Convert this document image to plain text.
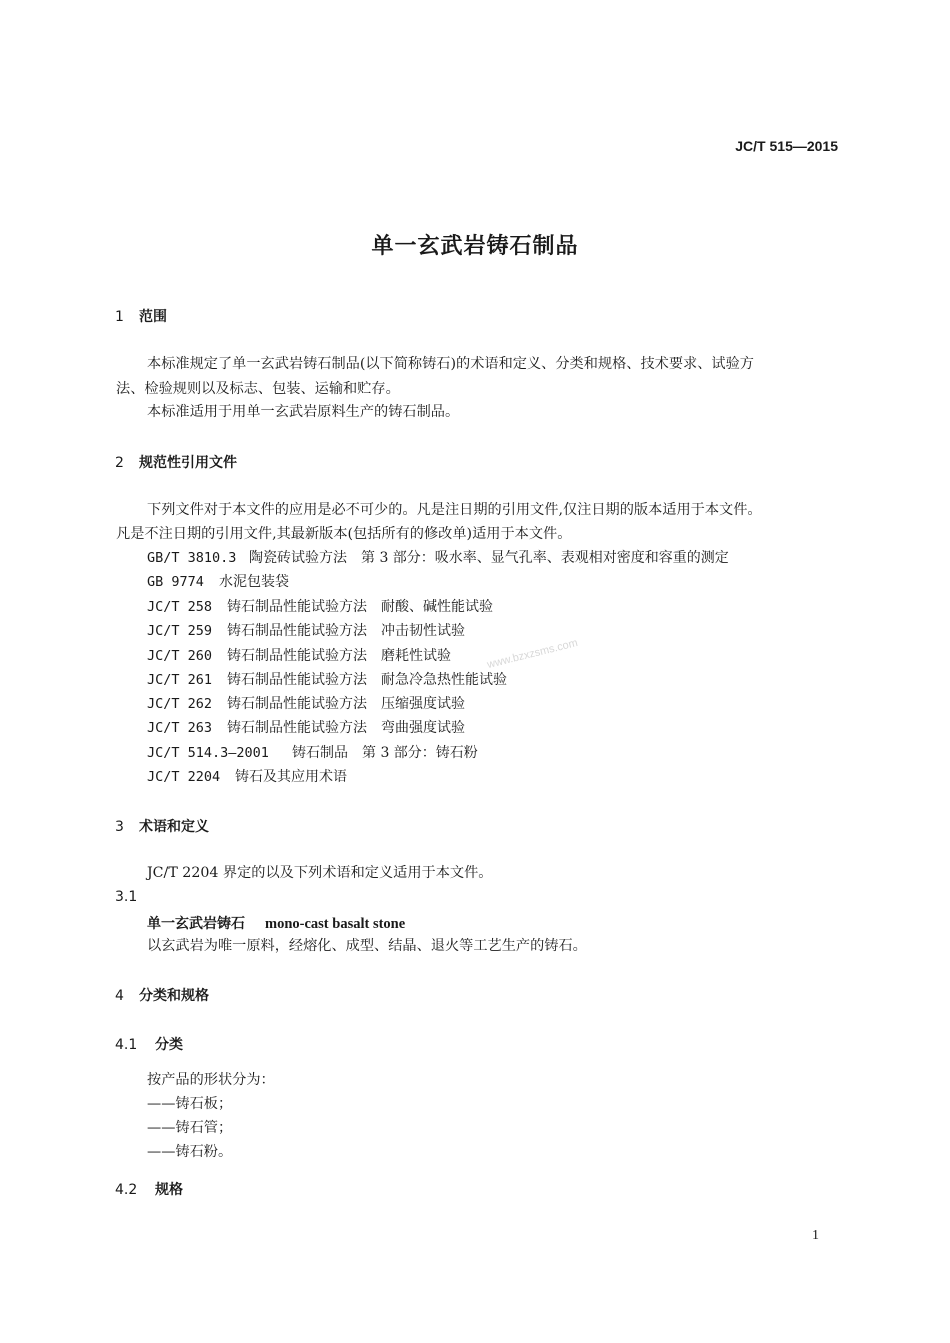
JC/T 515—2015
单一玄武岩铸石制品
1 范围
本标准规定了单一玄武岩铸石制品(以下简称铸石)的术语和定义、分类和规格、技术要求、试验方
法、检验规则以及标志、包装、运输和贮存。
本标准适用于用单一玄武岩原料生产的铸石制品。
2 规范性引用文件
下列文件对于本文件的应用是必不可少的。凡是注日期的引用文件,仅注日期的版本适用于本文件。
凡是不注日期的引用文件,其最新版本(包括所有的修改单)适用于本文件。
GB/T 3810.3 陶瓷砖试验方法　第 3 部分：吸水率、显气孔率、表观相对密度和容重的测定
GB 9774 水泥包装袋
JC/T 258 铸石制品性能试验方法　耐酸、碱性能试验
JC/T 259 铸石制品性能试验方法　冲击韧性试验
JC/T 260 铸石制品性能试验方法　磨耗性试验
JC/T 261 铸石制品性能试验方法　耐急冷急热性能试验
JC/T 262 铸石制品性能试验方法　压缩强度试验
JC/T 263 铸石制品性能试验方法　弯曲强度试验
JC/T 514.3—2001 铸石制品　第 3 部分：铸石粉
JC/T 2204 铸石及其应用术语
www.bzxzsms.com
3 术语和定义
JC/T 2204 界定的以及下列术语和定义适用于本文件。
3.1
单一玄武岩铸石 mono-cast basalt stone
以玄武岩为唯一原料，经熔化、成型、结晶、退火等工艺生产的铸石。
4 分类和规格
4.1 分类
按产品的形状分为：
——铸石板；
——铸石管；
——铸石粉。
4.2 规格
1
